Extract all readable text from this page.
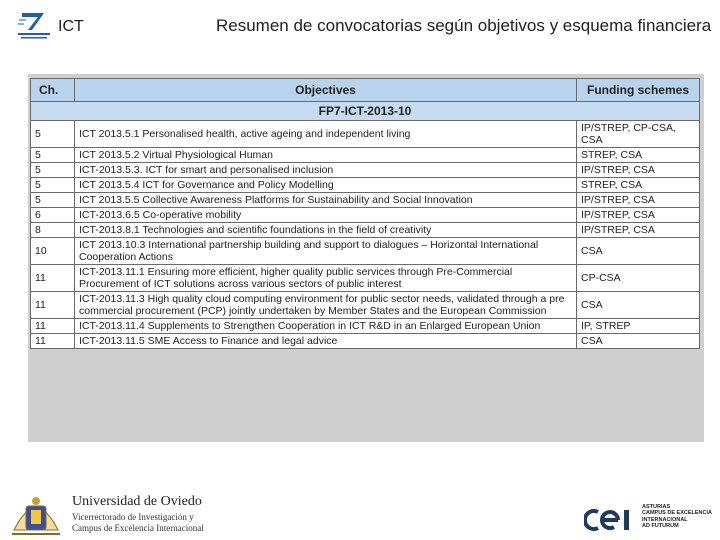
ICT	Resumen de convocatorias según objetivos y esquema financiera
Ch.	Objectives	Funding schemes
FP7-ICT-2013-10		
5	ICT 2013.5.1 Personalised health, active ageing and independent living	IP/STREP, CP-CSA, CSA
5	ICT 2013.5.2 Virtual Physiological Human	STREP, CSA
5	ICT-2013.5.3. ICT for smart and personalised inclusion	IP/STREP, CSA
5	ICT 2013.5.4 ICT for Governance and Policy Modelling	STREP, CSA
5	ICT 2013.5.5 Collective Awareness Platforms for Sustainability and Social Innovation	IP/STREP, CSA
6	ICT-2013.6.5 Co-operative mobility	IP/STREP, CSA
8	ICT-2013.8.1 Technologies and scientific foundations in the field of creativity	IP/STREP, CSA
10	ICT 2013.10.3 International partnership building and support to dialogues – Horizontal International Cooperation Actions	CSA
11	ICT-2013.11.1 Ensuring more efficient, higher quality public services through Pre-Commercial Procurement of ICT solutions across various sectors of public interest	CP-CSA
11	ICT-2013.11.3 High quality cloud computing environment for public sector needs, validated through a pre commercial procurement (PCP) jointly undertaken by Member States and the European Commission	CSA
11	ICT-2013.11.4 Supplements to Strengthen Cooperation in ICT R&D in an Enlarged European Union	IP, STREP
11	ICT-2013.11.5 SME Access to Finance and legal advice	CSA
Universidad de Oviedo
Vicerrectorado de Investigación y
Campus de Excelencia Internacional
ASTURIAS
CAMPUS DE EXCELENCIA
INTERNACIONAL
AD FUTURUM
